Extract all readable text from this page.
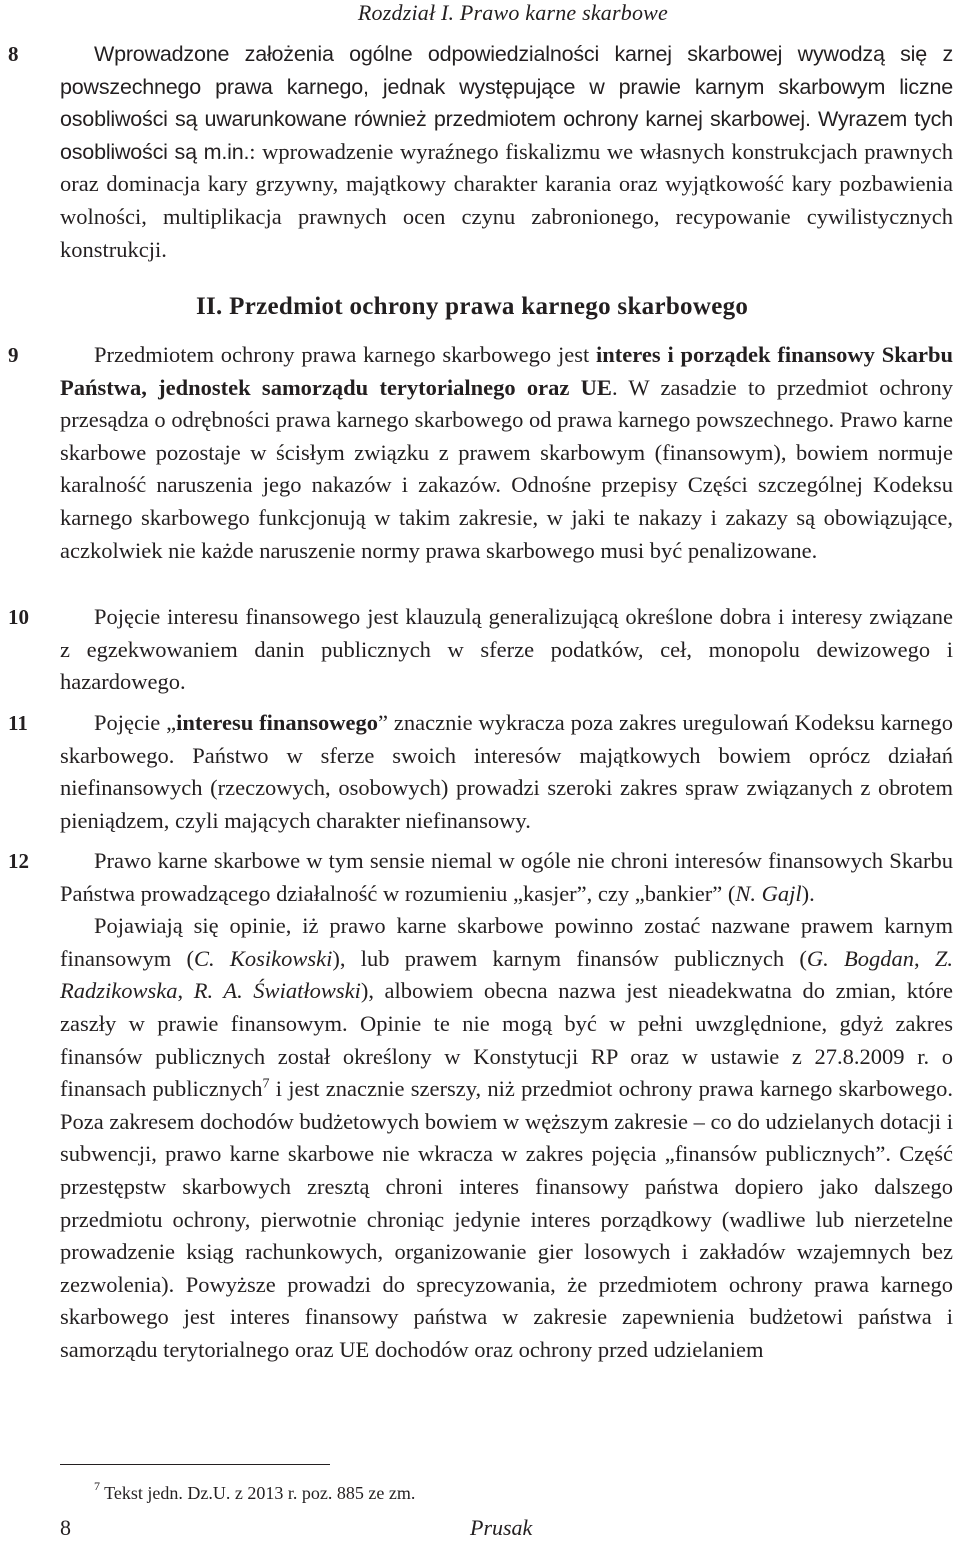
Rozdział I. Prawo karne skarbowe
8
9
10
11
12

Wprowadzone założenia ogólne odpowiedzialności karnej skarbowej wywodzą się z powszechnego prawa karnego, jednak występujące w prawie karnym skarbowym liczne osobliwości są uwarunkowane również przedmiotem ochrony karnej skarbowej. Wyrazem tych osobliwości są m.in.: wprowadzenie wyraźnego fiskalizmu we własnych konstrukcjach prawnych oraz dominacja kary grzywny, majątkowy charakter karania oraz wyjątkowość kary pozbawienia wolności, multiplikacja prawnych ocen czynu zabronionego, recypowanie cywilistycznych konstrukcji.

II. Przedmiot ochrony prawa karnego skarbowego

Przedmiotem ochrony prawa karnego skarbowego jest interes i porządek finansowy Skarbu Państwa, jednostek samorządu terytorialnego oraz UE. W zasadzie to przedmiot ochrony przesądza o odrębności prawa karnego skarbowego od prawa karnego powszechnego. Prawo karne skarbowe pozostaje w ścisłym związku z prawem skarbowym (finansowym), bowiem normuje karalność naruszenia jego nakazów i zakazów. Odnośne przepisy Części szczególnej Kodeksu karnego skarbowego funkcjonują w takim zakresie, w jaki te nakazy i zakazy są obowiązujące, aczkolwiek nie każde naruszenie normy prawa skarbowego musi być penalizowane.

Pojęcie interesu finansowego jest klauzulą generalizującą określone dobra i interesy związane z egzekwowaniem danin publicznych w sferze podatków, ceł, monopolu dewizowego i hazardowego.

Pojęcie „interesu finansowego” znacznie wykracza poza zakres uregulowań Kodeksu karnego skarbowego. Państwo w sferze swoich interesów majątkowych bowiem oprócz działań niefinansowych (rzeczowych, osobowych) prowadzi szeroki zakres spraw związanych z obrotem pieniądzem, czyli mających charakter niefinansowy.

Prawo karne skarbowe w tym sensie niemal w ogóle nie chroni interesów finansowych Skarbu Państwa prowadzącego działalność w rozumieniu „kasjer”, czy „bankier” (N. Gajl).

Pojawiają się opinie, iż prawo karne skarbowe powinno zostać nazwane prawem karnym finansowym (C. Kosikowski), lub prawem karnym finansów publicznych (G. Bogdan, Z. Radzikowska, R. A. Światłowski), albowiem obecna nazwa jest nieadekwatna do zmian, które zaszły w prawie finansowym. Opinie te nie mogą być w pełni uwzględnione, gdyż zakres finansów publicznych został określony w Konstytucji RP oraz w ustawie z 27.8.2009 r. o finansach publicznych$^7$ i jest znacznie szerszy, niż przedmiot ochrony prawa karnego skarbowego. Poza zakresem dochodów budżetowych bowiem w węższym zakresie – co do udzielanych dotacji i subwencji, prawo karne skarbowe nie wkracza w zakres pojęcia „finansów publicznych”. Część przestępstw skarbowych zresztą chroni interes finansowy państwa dopiero jako dalszego przedmiotu ochrony, pierwotnie chroniąc jedynie interes porządkowy (wadliwe lub nierzetelne prowadzenie ksiąg rachunkowych, organizowanie gier losowych i zakładów wzajemnych bez zezwolenia). Powyższe prowadzi do sprecyzowania, że przedmiotem ochrony prawa karnego skarbowego jest interes finansowy państwa w zakresie zapewnienia budżetowi państwa i samorządu terytorialnego oraz UE dochodów oraz ochrony przed udzielaniem

$^7$ Tekst jedn. Dz.U. z 2013 r. poz. 885 ze zm.
8	Prusak
